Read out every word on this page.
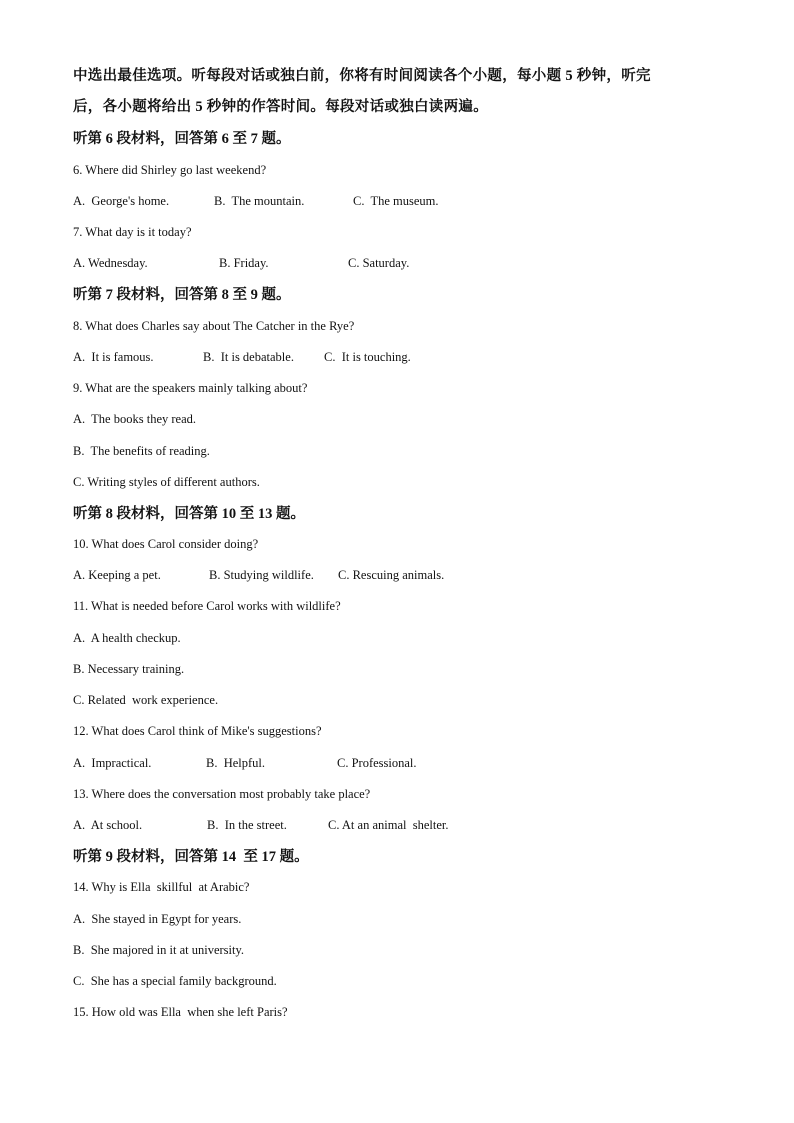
中选出最佳选项。听每段对话或独白前，你将有时间阅读各个小题，每小题 5 秒钟，听完
后，各小题将给出 5 秒钟的作答时间。每段对话或独白读两遍。
听第 6 段材料，回答第 6 至 7 题。
6. Where did Shirley go last weekend?

A.  George's home.

	B.  The mountain.

	C.  The museum.

7. What day is it today?

A. Wednesday.

	B. Friday.

	C. Saturday.

听第 7 段材料，回答第 8 至 9 题。
8. What does Charles say about The Catcher in the Rye?

A.  It is famous.

	B.  It is debatable.

C.  It is touching.

9. What are the speakers mainly talking about?
A.  The books they read.
B.  The benefits of reading.
C. Writing styles of different authors.
听第 8 段材料，回答第 10 至 13 题。
10. What does Carol consider doing?

A. Keeping a pet.

	B. Studying wildlife.

C. Rescuing animals.

11. What is needed before Carol works with wildlife?
A.  A health checkup.
B. Necessary training.
C. Related  work experience.
12. What does Carol think of Mike's suggestions?

A.  Impractical.

	B.  Helpful.

	C. Professional.

13. Where does the conversation most probably take place?

A.  At school.

	B.  In the street.

	C. At an animal  shelter.

听第 9 段材料，回答第 14  至 17 题。
14. Why is Ella  skillful  at Arabic?
A.  She stayed in Egypt for years.
B.  She majored in it at university.
C.  She has a special family background.
15. How old was Ella  when she left Paris?
